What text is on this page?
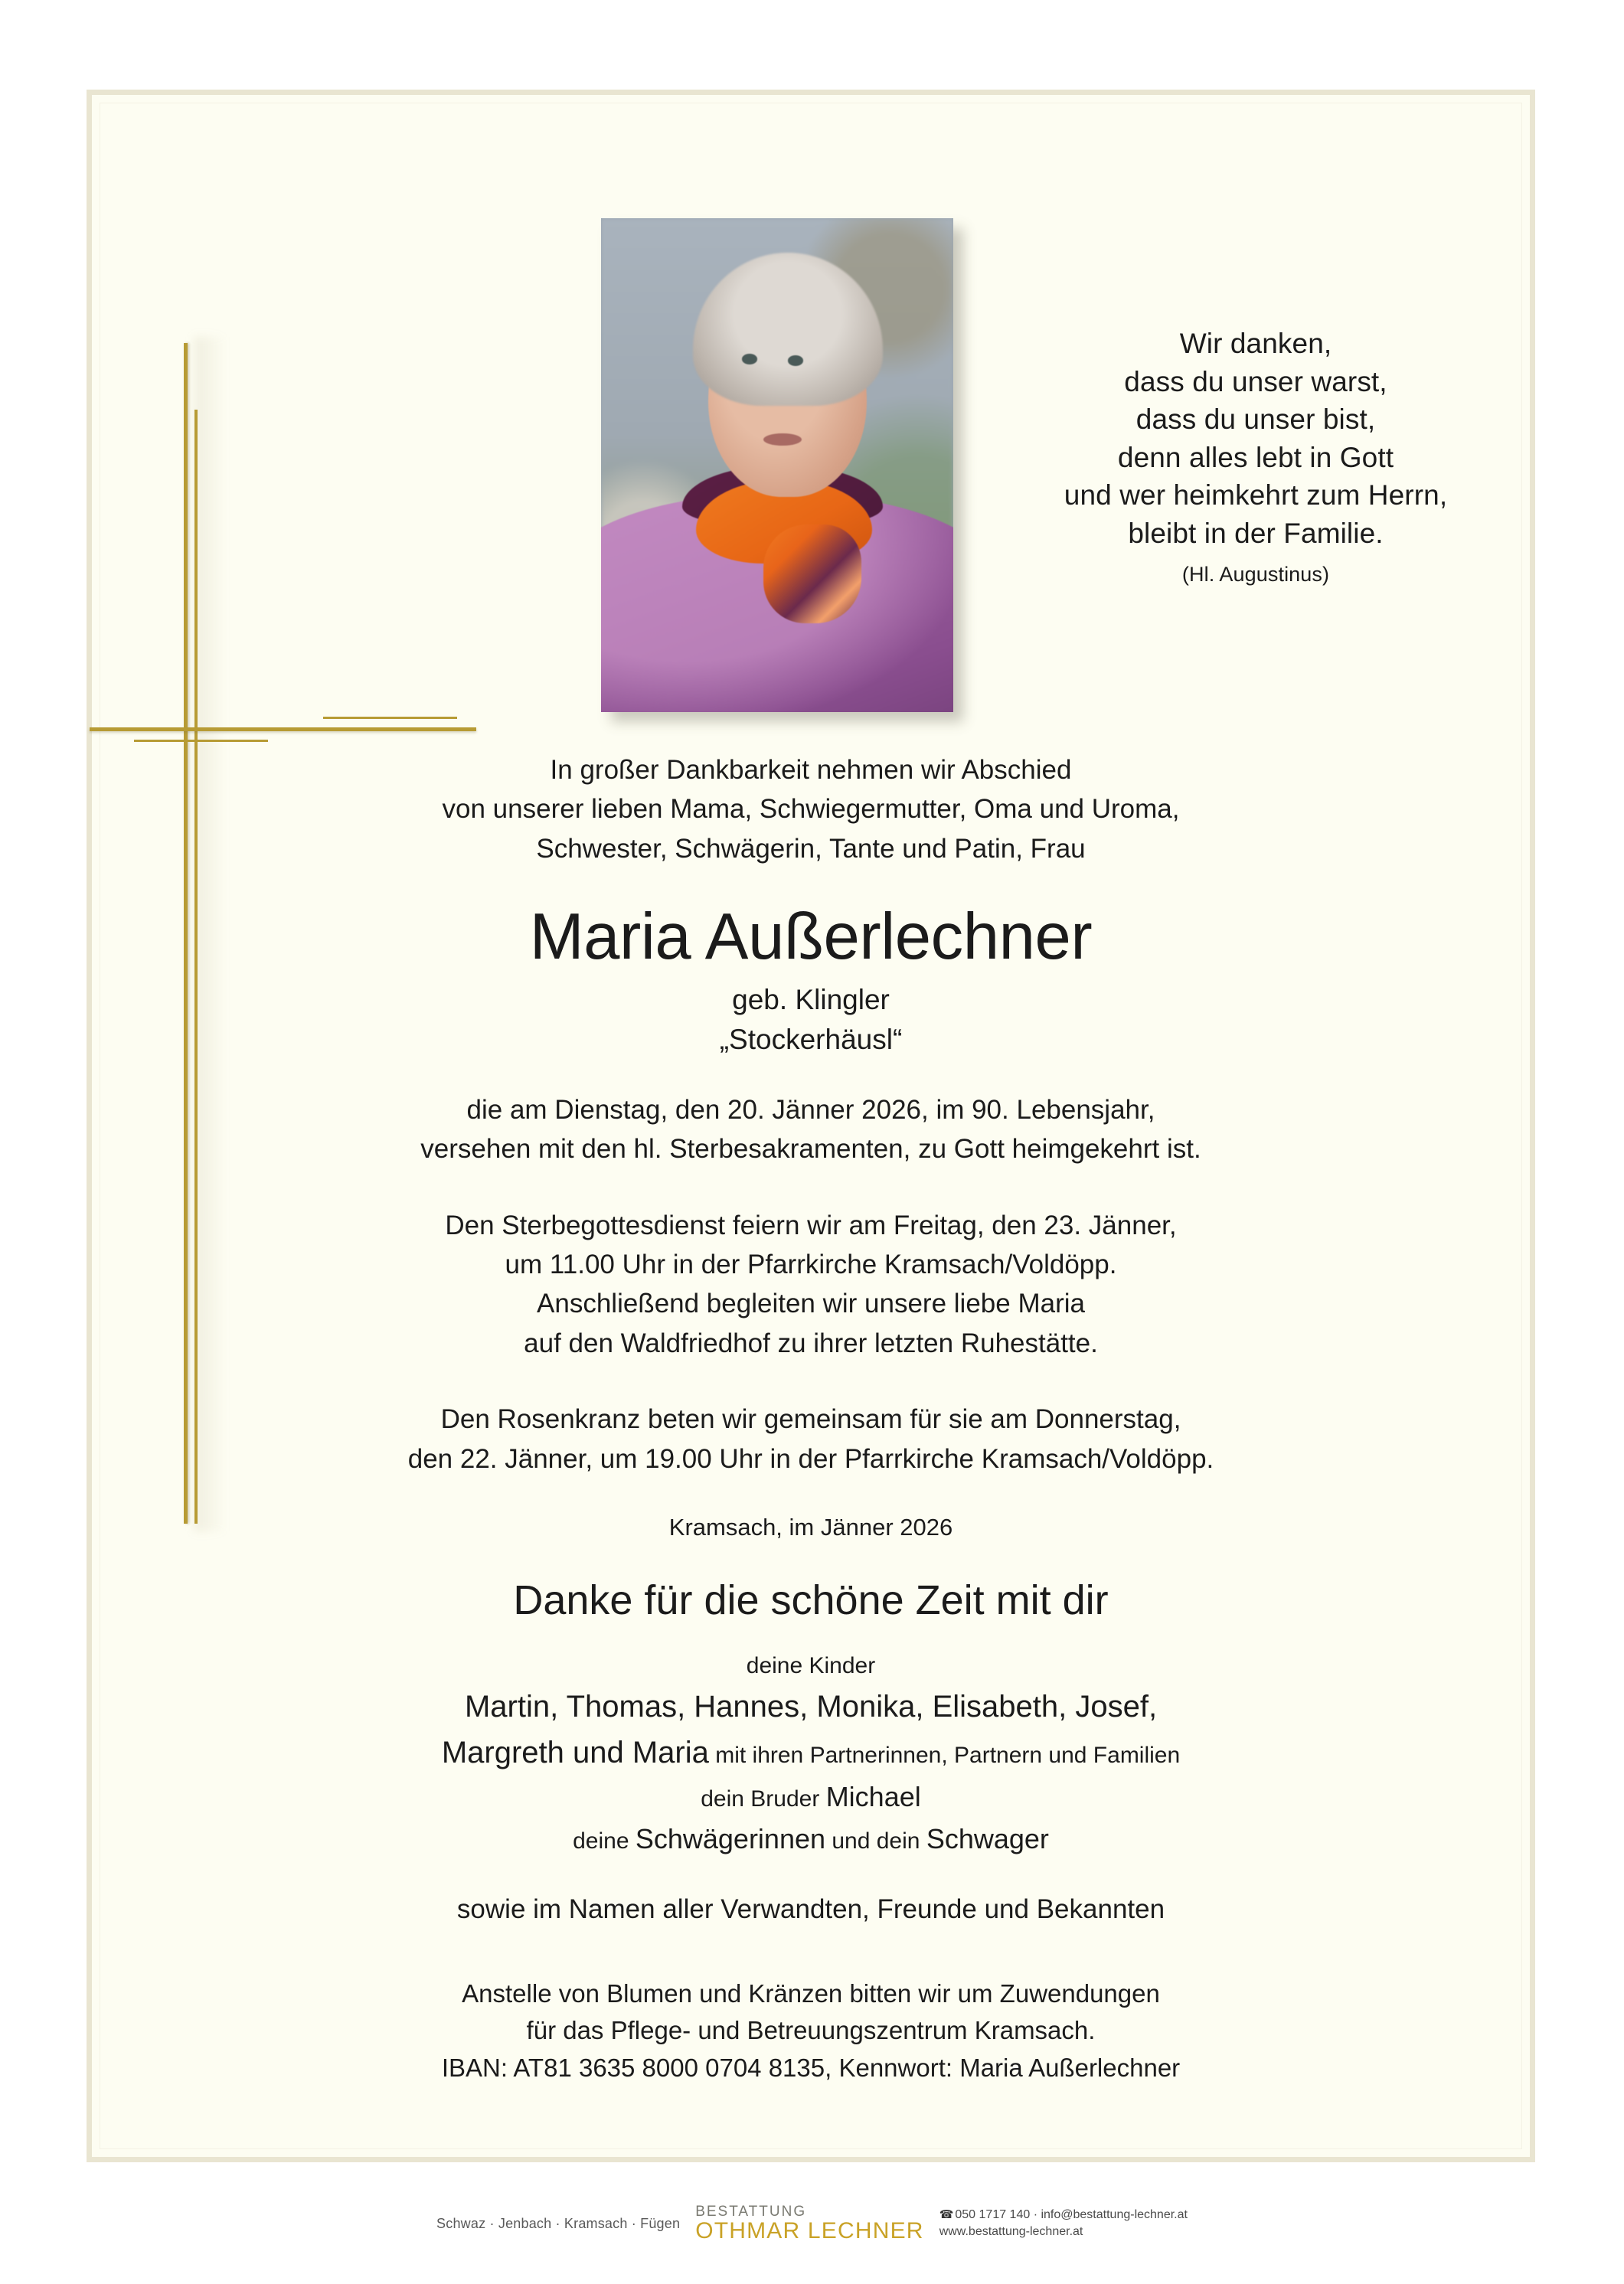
Wir danken,
dass du unser warst,
dass du unser bist,
denn alles lebt in Gott
und wer heimkehrt zum Herrn,
bleibt in der Familie.
(Hl. Augustinus)
In großer Dankbarkeit nehmen wir Abschied
von unserer lieben Mama, Schwiegermutter, Oma und Uroma,
Schwester, Schwägerin, Tante und Patin, Frau
Maria Außerlechner
geb. Klingler
„Stockerhäusl“
die am Dienstag, den 20. Jänner 2026, im 90. Lebensjahr,
versehen mit den hl. Sterbesakramenten, zu Gott heimgekehrt ist.
Den Sterbegottesdienst feiern wir am Freitag, den 23. Jänner,
um 11.00 Uhr in der Pfarrkirche Kramsach/Voldöpp.
Anschließend begleiten wir unsere liebe Maria
auf den Waldfriedhof zu ihrer letzten Ruhestätte.
Den Rosenkranz beten wir gemeinsam für sie am Donnerstag,
den 22. Jänner, um 19.00 Uhr in der Pfarrkirche Kramsach/Voldöpp.
Kramsach, im Jänner 2026
Danke für die schöne Zeit mit dir
deine Kinder
Martin, Thomas, Hannes, Monika, Elisabeth, Josef,
Margreth und Maria mit ihren Partnerinnen, Partnern und Familien
dein Bruder Michael
deine Schwägerinnen und dein Schwager
sowie im Namen aller Verwandten, Freunde und Bekannten
Anstelle von Blumen und Kränzen bitten wir um Zuwendungen
für das Pflege- und Betreuungszentrum Kramsach.
IBAN: AT81 3635 8000 0704 8135, Kennwort: Maria Außerlechner
Schwaz · Jenbach · Kramsach · Fügen
BESTATTUNG
OTHMAR LECHNER
☎ 050 1717 140 · info@bestattung-lechner.at
www.bestattung-lechner.at
